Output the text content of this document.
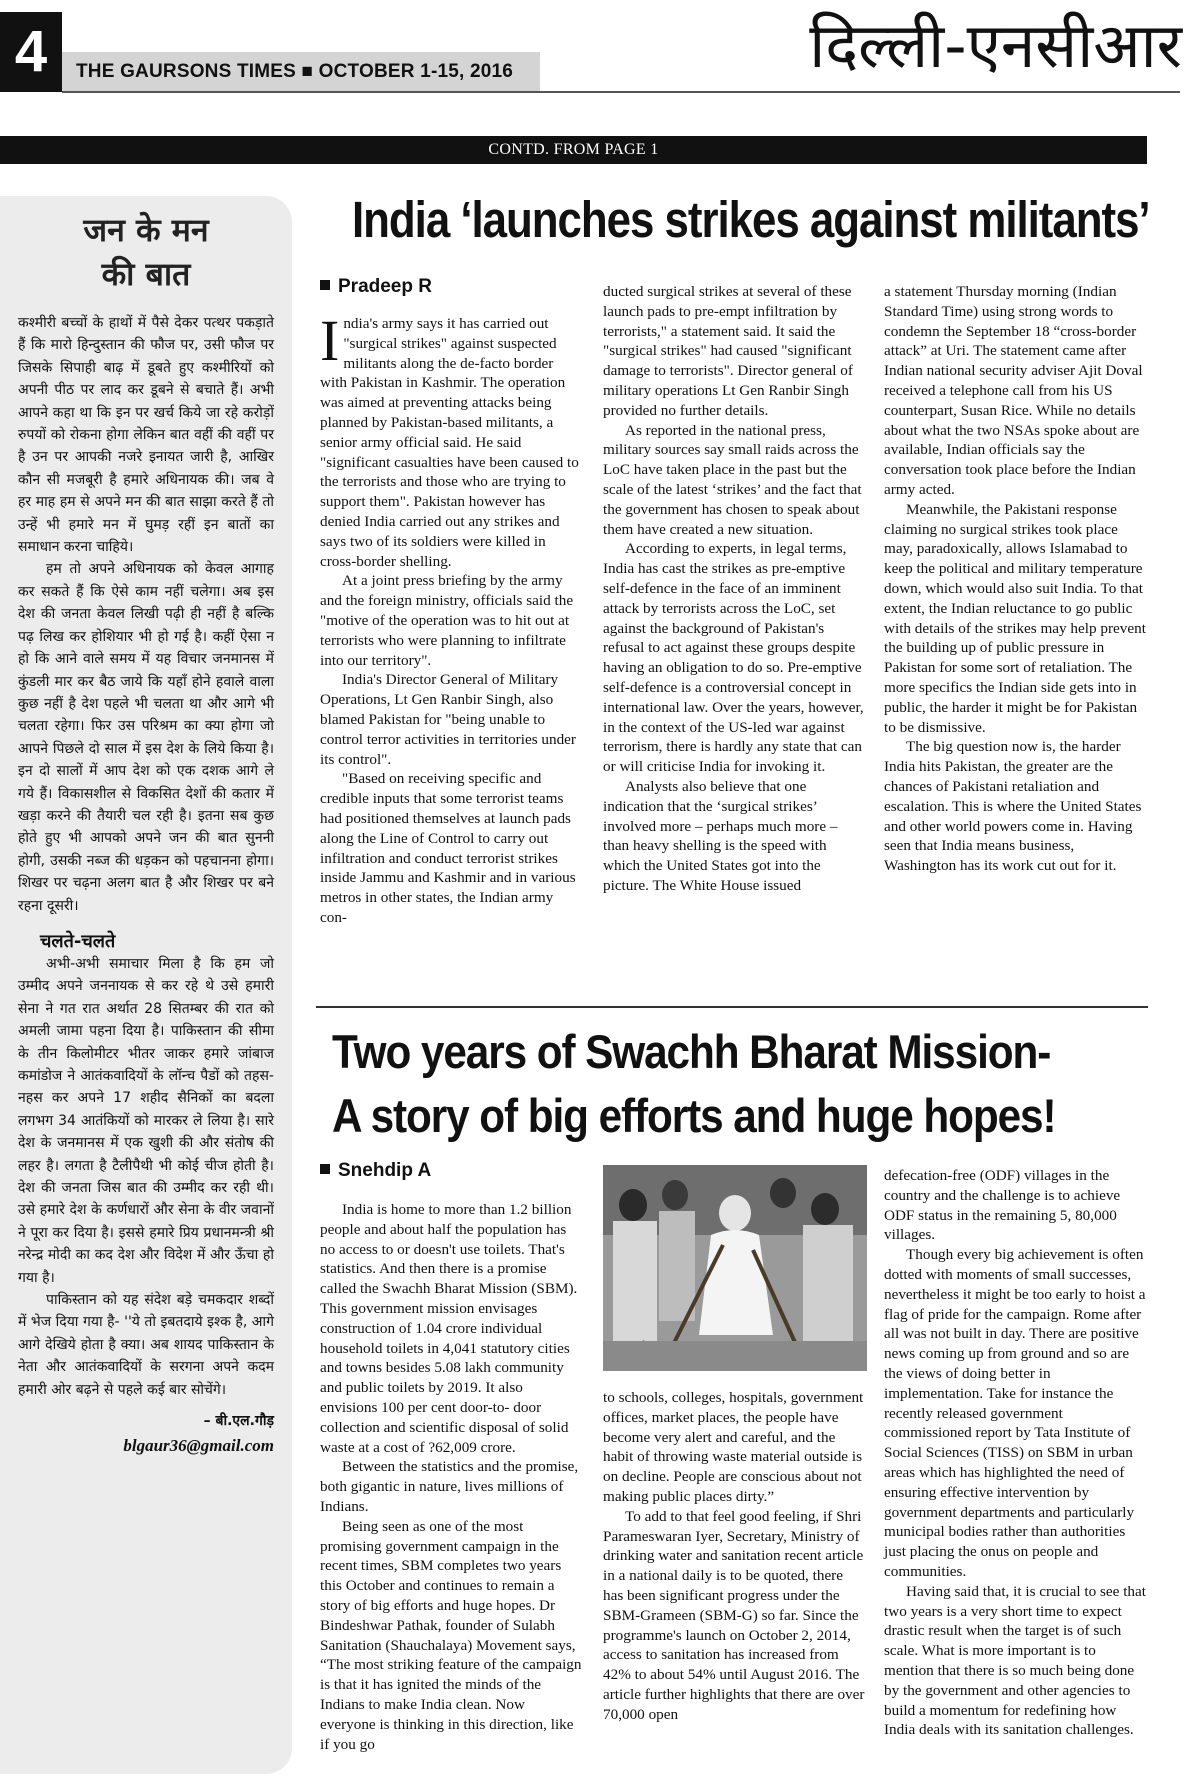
4	THE GAURSONS TIMES ■ OCTOBER 1-15, 2016	दिल्ली-एनसीआर
CONTD. FROM PAGE 1
जन के मन
की बात

कश्मीरी बच्चों के हाथों में पैसे देकर पत्थर पकड़ाते हैं कि मारो हिन्दुस्तान की फौज पर, उसी फौज पर जिसके सिपाही बाढ़ में डूबते हुए कश्मीरियों को अपनी पीठ पर लाद कर डूबने से बचाते हैं। अभी आपने कहा था कि इन पर खर्च किये जा रहे करोड़ों रुपयों को रोकना होगा लेकिन बात वहीं की वहीं पर है उन पर आपकी नजरे इनायत जारी है, आखिर कौन सी मजबूरी है हमारे अधिनायक की। जब वे हर माह हम से अपने मन की बात साझा करते हैं तो उन्हें भी हमारे मन में घुमड़ रहीं इन बातों का समाधान करना चाहिये।

हम तो अपने अधिनायक को केवल आगाह कर सकते हैं कि ऐसे काम नहीं चलेगा। अब इस देश की जनता केवल लिखी पढ़ी ही नहीं है बल्कि पढ़ लिख कर होशियार भी हो गई है। कहीं ऐसा न हो कि आने वाले समय में यह विचार जनमानस में कुंडली मार कर बैठ जाये कि यहाँ होने हवाले वाला कुछ नहीं है देश पहले भी चलता था और आगे भी चलता रहेगा। फिर उस परिश्रम का क्या होगा जो आपने पिछले दो साल में इस देश के लिये किया है। इन दो सालों में आप देश को एक दशक आगे ले गये हैं। विकासशील से विकसित देशों की कतार में खड़ा करने की तैयारी चल रही है। इतना सब कुछ होते हुए भी आपको अपने जन की बात सुननी होगी, उसकी नब्ज की धड़कन को पहचानना होगा। शिखर पर चढ़ना अलग बात है और शिखर पर बने रहना दूसरी।

चलते-चलते

अभी-अभी समाचार मिला है कि हम जो उम्मीद अपने जननायक से कर रहे थे उसे हमारी सेना ने गत रात अर्थात 28 सितम्बर की रात को अमली जामा पहना दिया है। पाकिस्तान की सीमा के तीन किलोमीटर भीतर जाकर हमारे जांबाज कमांडोज ने आतंकवादियों के लॉन्च पैडों को तहस-नहस कर अपने 17 शहीद सैनिकों का बदला लगभग 34 आतंकियों को मारकर ले लिया है। सारे देश के जनमानस में एक खुशी की और संतोष की लहर है। लगता है टैलीपैथी भी कोई चीज होती है। देश की जनता जिस बात की उम्मीद कर रही थी। उसे हमारे देश के कर्णधारों और सेना के वीर जवानों ने पूरा कर दिया है। इससे हमारे प्रिय प्रधानमन्त्री श्री नरेन्द्र मोदी का कद देश और विदेश में और ऊँचा हो गया है।

पाकिस्तान को यह संदेश बड़े चमकदार शब्दों में भेज दिया गया है- ''ये तो इबतदाये इश्क है, आगे आगे देखिये होता है क्या। अब शायद पाकिस्तान के नेता और आतंकवादियों के सरगना अपने कदम हमारी ओर बढ़ने से पहले कई बार सोचेंगे।

– बी.एल.गौड़
blgaur36@gmail.com
India ‘launches strikes against militants’
Pradeep R

India's army says it has carried out "surgical strikes" against suspected militants along the de-facto border with Pakistan in Kashmir. The operation was aimed at preventing attacks being planned by Pakistan-based militants, a senior army official said. He said "significant casualties have been caused to the terrorists and those who are trying to support them". Pakistan however has denied India carried out any strikes and says two of its soldiers were killed in cross-border shelling.

At a joint press briefing by the army and the foreign ministry, officials said the "motive of the operation was to hit out at terrorists who were planning to infiltrate into our territory".

India's Director General of Military Operations, Lt Gen Ranbir Singh, also blamed Pakistan for "being unable to control terror activities in territories under its control".

"Based on receiving specific and credible inputs that some terrorist teams had positioned themselves at launch pads along the Line of Control to carry out infiltration and conduct terrorist strikes inside Jammu and Kashmir and in various metros in other states, the Indian army con-

ducted surgical strikes at several of these launch pads to pre-empt infiltration by terrorists," a statement said. It said the "surgical strikes" had caused "significant damage to terrorists". Director general of military operations Lt Gen Ranbir Singh provided no further details.

As reported in the national press, military sources say small raids across the LoC have taken place in the past but the scale of the latest ‘strikes’ and the fact that the government has chosen to speak about them have created a new situation.

According to experts, in legal terms, India has cast the strikes as pre-emptive self-defence in the face of an imminent attack by terrorists across the LoC, set against the background of Pakistan's refusal to act against these groups despite having an obligation to do so. Pre-emptive self-defence is a controversial concept in international law. Over the years, however, in the context of the US-led war against terrorism, there is hardly any state that can or will criticise India for invoking it.

Analysts also believe that one indication that the ‘surgical strikes’ involved more – perhaps much more – than heavy shelling is the speed with which the United States got into the picture. The White House issued

a statement Thursday morning (Indian Standard Time) using strong words to condemn the September 18 “cross-border attack” at Uri. The statement came after Indian national security adviser Ajit Doval received a telephone call from his US counterpart, Susan Rice. While no details about what the two NSAs spoke about are available, Indian officials say the conversation took place before the Indian army acted.

Meanwhile, the Pakistani response claiming no surgical strikes took place may, paradoxically, allows Islamabad to keep the political and military temperature down, which would also suit India. To that extent, the Indian reluctance to go public with details of the strikes may help prevent the building up of public pressure in Pakistan for some sort of retaliation. The more specifics the Indian side gets into in public, the harder it might be for Pakistan to be dismissive.

The big question now is, the harder India hits Pakistan, the greater are the chances of Pakistani retaliation and escalation. This is where the United States and other world powers come in. Having seen that India means business, Washington has its work cut out for it.

Two years of Swachh Bharat Mission-
A story of big efforts and huge hopes!
Snehdip A

India is home to more than 1.2 billion people and about half the population has no access to or doesn't use toilets. That's statistics. And then there is a promise called the Swachh Bharat Mission (SBM). This government mission envisages construction of 1.04 crore individual household toilets in 4,041 statutory cities and towns besides 5.08 lakh community and public toilets by 2019. It also envisions 100 per cent door-to- door collection and scientific disposal of solid waste at a cost of ?62,009 crore.

Between the statistics and the promise, both gigantic in nature, lives millions of Indians.

Being seen as one of the most promising government campaign in the recent times, SBM completes two years this October and continues to remain a story of big efforts and huge hopes. Dr Bindeshwar Pathak, founder of Sulabh Sanitation (Shauchalaya) Movement says, “The most striking feature of the campaign is that it has ignited the minds of the Indians to make India clean. Now everyone is thinking in this direction, like if you go

to schools, colleges, hospitals, government offices, market places, the people have become very alert and careful, and the habit of throwing waste material outside is on decline. People are conscious about not making public places dirty.”

To add to that feel good feeling, if Shri Parameswaran Iyer, Secretary, Ministry of drinking water and sanitation recent article in a national daily is to be quoted, there has been significant progress under the SBM-Grameen (SBM-G) so far. Since the programme's launch on October 2, 2014, access to sanitation has increased from 42% to about 54% until August 2016. The article further highlights that there are over 70,000 open

defecation-free (ODF) villages in the country and the challenge is to achieve ODF status in the remaining 5, 80,000 villages.

Though every big achievement is often dotted with moments of small successes, nevertheless it might be too early to hoist a flag of pride for the campaign. Rome after all was not built in day. There are positive news coming up from ground and so are the views of doing better in implementation. Take for instance the recently released government commissioned report by Tata Institute of Social Sciences (TISS) on SBM in urban areas which has highlighted the need of ensuring effective intervention by government departments and particularly municipal bodies rather than authorities just placing the onus on people and communities.

Having said that, it is crucial to see that two years is a very short time to expect drastic result when the target is of such scale. What is more important is to mention that there is so much being done by the government and other agencies to build a momentum for redefining how India deals with its sanitation challenges.
